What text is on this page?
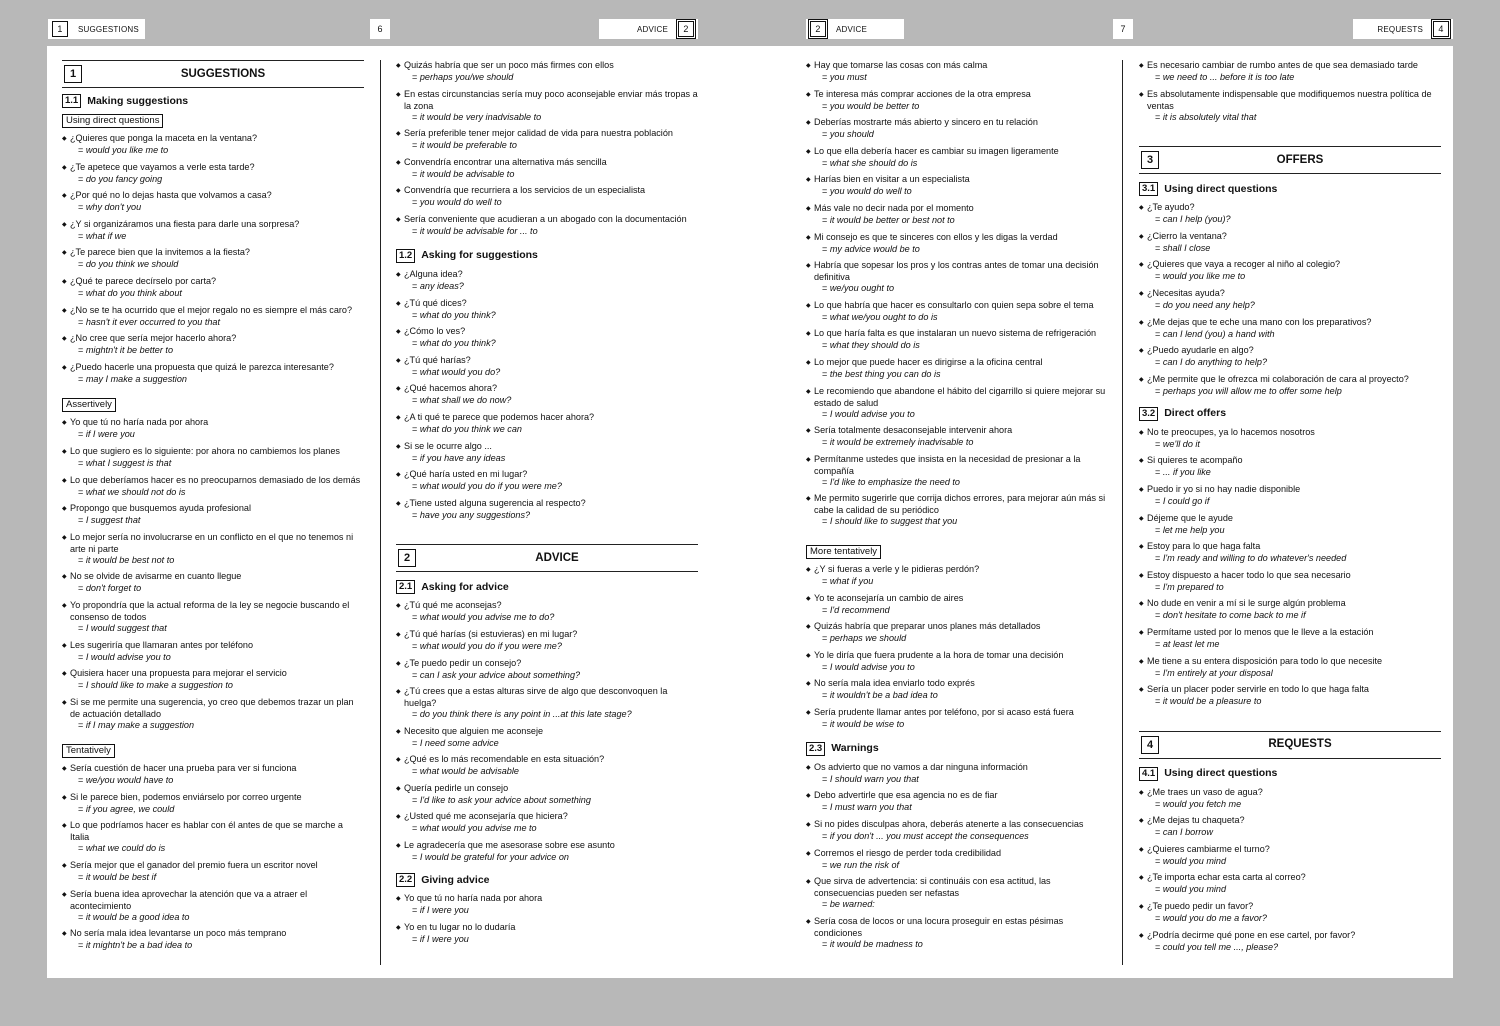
1	SUGGESTIONS	6	ADVICE	2	2	ADVICE	7	REQUESTS	4
1	SUGGESTIONS
1.1 Making suggestions
Using direct questions
◆ ¿Quieres que ponga la maceta en la ventana?
= would you like me to
◆ ¿Te apetece que vayamos a verle esta tarde?
= do you fancy going
◆ ¿Por qué no lo dejas hasta que volvamos a casa?
= why don't you
◆ ¿Y si organizáramos una fiesta para darle una sorpresa?
= what if we
◆ ¿Te parece bien que la invitemos a la fiesta?
= do you think we should
◆ ¿Qué te parece decírselo por carta?
= what do you think about
◆ ¿No se te ha ocurrido que el mejor regalo no es siempre el más caro?
= hasn't it ever occurred to you that
◆ ¿No cree que sería mejor hacerlo ahora?
= mightn't it be better to
◆ ¿Puedo hacerle una propuesta que quizá le parezca interesante?
= may I make a suggestion
Assertively
◆ Yo que tú no haría nada por ahora
= if I were you
◆ Lo que sugiero es lo siguiente: por ahora no cambiemos los planes
= what I suggest is that
◆ Lo que deberíamos hacer es no preocuparnos demasiado de los demás
= what we should not do is
◆ Propongo que busquemos ayuda profesional
= I suggest that
◆ Lo mejor sería no involucrarse en un conflicto en el que no tenemos ni arte ni parte
= it would be best not to
◆ No se olvide de avisarme en cuanto llegue
= don't forget to
◆ Yo propondría que la actual reforma de la ley se negocie buscando el consenso de todos
= I would suggest that
◆ Les sugeriría que llamaran antes por teléfono
= I would advise you to
◆ Quisiera hacer una propuesta para mejorar el servicio
= I should like to make a suggestion to
◆ Si se me permite una sugerencia, yo creo que debemos trazar un plan de actuación detallado
= if I may make a suggestion
Tentatively
◆ Sería cuestión de hacer una prueba para ver si funciona
= we/you would have to
◆ Si le parece bien, podemos enviárselo por correo urgente
= if you agree, we could
◆ Lo que podríamos hacer es hablar con él antes de que se marche a Italia
= what we could do is
◆ Sería mejor que el ganador del premio fuera un escritor novel
= it would be best if
◆ Sería buena idea aprovechar la atención que va a atraer el acontecimiento
= it would be a good idea to
◆ No sería mala idea levantarse un poco más temprano
= it mightn't be a bad idea to
◆ Quizás habría que ser un poco más firmes con ellos
= perhaps you/we should
◆ En estas circunstancias sería muy poco aconsejable enviar más tropas a la zona
= it would be very inadvisable to
◆ Sería preferible tener mejor calidad de vida para nuestra población
= it would be preferable to
◆ Convendría encontrar una alternativa más sencilla
= it would be advisable to
◆ Convendría que recurriera a los servicios de un especialista
= you would do well to
◆ Sería conveniente que acudieran a un abogado con la documentación
= it would be advisable for ... to
1.2 Asking for suggestions
◆ ¿Alguna idea?
= any ideas?
◆ ¿Tú qué dices?
= what do you think?
◆ ¿Cómo lo ves?
= what do you think?
◆ ¿Tú qué harías?
= what would you do?
◆ ¿Qué hacemos ahora?
= what shall we do now?
◆ ¿A ti qué te parece que podemos hacer ahora?
= what do you think we can
◆ Si se le ocurre algo ...
= if you have any ideas
◆ ¿Qué haría usted en mi lugar?
= what would you do if you were me?
◆ ¿Tiene usted alguna sugerencia al respecto?
= have you any suggestions?
2	ADVICE
2.1 Asking for advice
◆ ¿Tú qué me aconsejas?
= what would you advise me to do?
◆ ¿Tú qué harías (si estuvieras) en mi lugar?
= what would you do if you were me?
◆ ¿Te puedo pedir un consejo?
= can I ask your advice about something?
◆ ¿Tú crees que a estas alturas sirve de algo que desconvoquen la huelga?
= do you think there is any point in ...at this late stage?
◆ Necesito que alguien me aconseje
= I need some advice
◆ ¿Qué es lo más recomendable en esta situación?
= what would be advisable
◆ Quería pedirle un consejo
= I'd like to ask your advice about something
◆ ¿Usted qué me aconsejaría que hiciera?
= what would you advise me to
◆ Le agradecería que me asesorase sobre ese asunto
= I would be grateful for your advice on
2.2 Giving advice
◆ Yo que tú no haría nada por ahora
= if I were you
◆ Yo en tu lugar no lo dudaría
= if I were you
◆ Hay que tomarse las cosas con más calma
= you must
◆ Te interesa más comprar acciones de la otra empresa
= you would be better to
◆ Deberías mostrarte más abierto y sincero en tu relación
= you should
◆ Lo que ella debería hacer es cambiar su imagen ligeramente
= what she should do is
◆ Harías bien en visitar a un especialista
= you would do well to
◆ Más vale no decir nada por el momento
= it would be better or best not to
◆ Mi consejo es que te sinceres con ellos y les digas la verdad
= my advice would be to
◆ Habría que sopesar los pros y los contras antes de tomar una decisión definitiva
= we/you ought to
◆ Lo que habría que hacer es consultarlo con quien sepa sobre el tema
= what we/you ought to do is
◆ Lo que haría falta es que instalaran un nuevo sistema de refrigeración
= what they should do is
◆ Lo mejor que puede hacer es dirigirse a la oficina central
= the best thing you can do is
◆ Le recomiendo que abandone el hábito del cigarrillo si quiere mejorar su estado de salud
= I would advise you to
◆ Sería totalmente desaconsejable intervenir ahora
= it would be extremely inadvisable to
◆ Permítanme ustedes que insista en la necesidad de presionar a la compañía
= I'd like to emphasize the need to
◆ Me permito sugerirle que corrija dichos errores, para mejorar aún más si cabe la calidad de su periódico
= I should like to suggest that you
More tentatively
◆ ¿Y si fueras a verle y le pidieras perdón?
= what if you
◆ Yo te aconsejaría un cambio de aires
= I'd recommend
◆ Quizás habría que preparar unos planes más detallados
= perhaps we should
◆ Yo le diría que fuera prudente a la hora de tomar una decisión
= I would advise you to
◆ No sería mala idea enviarlo todo exprés
= it wouldn't be a bad idea to
◆ Sería prudente llamar antes por teléfono, por si acaso está fuera
= it would be wise to
2.3 Warnings
◆ Os advierto que no vamos a dar ninguna información
= I should warn you that
◆ Debo advertirle que esa agencia no es de fiar
= I must warn you that
◆ Si no pides disculpas ahora, deberás atenerte a las consecuencias
= if you don't ... you must accept the consequences
◆ Corremos el riesgo de perder toda credibilidad
= we run the risk of
◆ Que sirva de advertencia: si continuáis con esa actitud, las consecuencias pueden ser nefastas
= be warned:
◆ Sería cosa de locos or una locura proseguir en estas pésimas condiciones
= it would be madness to
◆ Es necesario cambiar de rumbo antes de que sea demasiado tarde
= we need to ... before it is too late
◆ Es absolutamente indispensable que modifiquemos nuestra política de ventas
= it is absolutely vital that
3	OFFERS
3.1 Using direct questions
◆ ¿Te ayudo?
= can I help (you)?
◆ ¿Cierro la ventana?
= shall I close
◆ ¿Quieres que vaya a recoger al niño al colegio?
= would you like me to
◆ ¿Necesitas ayuda?
= do you need any help?
◆ ¿Me dejas que te eche una mano con los preparativos?
= can I lend (you) a hand with
◆ ¿Puedo ayudarle en algo?
= can I do anything to help?
◆ ¿Me permite que le ofrezca mi colaboración de cara al proyecto?
= perhaps you will allow me to offer some help
3.2 Direct offers
◆ No te preocupes, ya lo hacemos nosotros
= we'll do it
◆ Si quieres te acompaño
= ... if you like
◆ Puedo ir yo si no hay nadie disponible
= I could go if
◆ Déjeme que le ayude
= let me help you
◆ Estoy para lo que haga falta
= I'm ready and willing to do whatever's needed
◆ Estoy dispuesto a hacer todo lo que sea necesario
= I'm prepared to
◆ No dude en venir a mí si le surge algún problema
= don't hesitate to come back to me if
◆ Permítame usted por lo menos que le lleve a la estación
= at least let me
◆ Me tiene a su entera disposición para todo lo que necesite
= I'm entirely at your disposal
◆ Sería un placer poder servirle en todo lo que haga falta
= it would be a pleasure to
4	REQUESTS
4.1 Using direct questions
◆ ¿Me traes un vaso de agua?
= would you fetch me
◆ ¿Me dejas tu chaqueta?
= can I borrow
◆ ¿Quieres cambiarme el turno?
= would you mind
◆ ¿Te importa echar esta carta al correo?
= would you mind
◆ ¿Te puedo pedir un favor?
= would you do me a favor?
◆ ¿Podría decirme qué pone en ese cartel, por favor?
= could you tell me ..., please?
